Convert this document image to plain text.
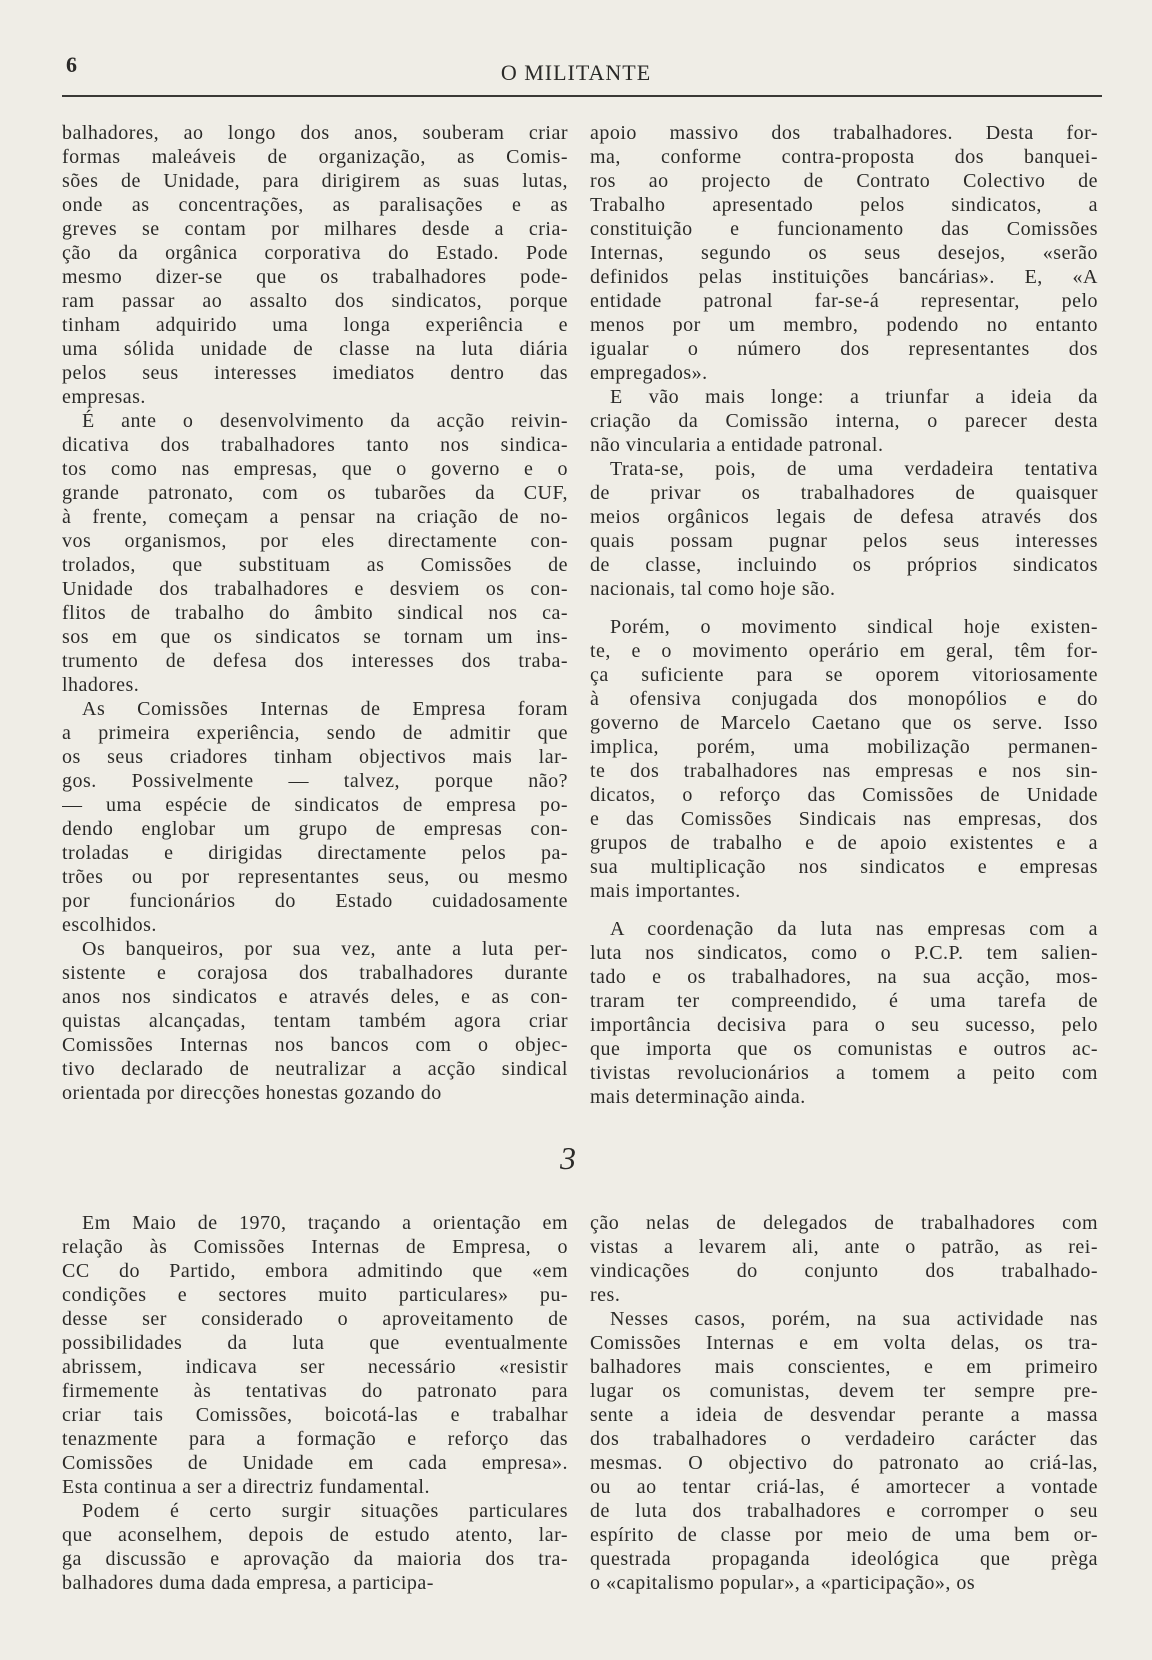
6	O MILITANTE
balhadores, ao longo dos anos, souberam criar
formas maleáveis de organização, as Comis-
sões de Unidade, para dirigirem as suas lutas,
onde as concentrações, as paralisações e as
greves se contam por milhares desde a cria-
ção da orgânica corporativa do Estado. Pode
mesmo dizer-se que os trabalhadores pode-
ram passar ao assalto dos sindicatos, porque
tinham adquirido uma longa experiência e
uma sólida unidade de classe na luta diária
pelos seus interesses imediatos dentro das
empresas.
É ante o desenvolvimento da acção reivin-
dicativa dos trabalhadores tanto nos sindica-
tos como nas empresas, que o governo e o
grande patronato, com os tubarões da CUF,
à frente, começam a pensar na criação de no-
vos organismos, por eles directamente con-
trolados, que substituam as Comissões de
Unidade dos trabalhadores e desviem os con-
flitos de trabalho do âmbito sindical nos ca-
sos em que os sindicatos se tornam um ins-
trumento de defesa dos interesses dos traba-
lhadores.
As Comissões Internas de Empresa foram
a primeira experiência, sendo de admitir que
os seus criadores tinham objectivos mais lar-
gos. Possivelmente — talvez, porque não?
— uma espécie de sindicatos de empresa po-
dendo englobar um grupo de empresas con-
troladas e dirigidas directamente pelos pa-
trões ou por representantes seus, ou mesmo
por funcionários do Estado cuidadosamente
escolhidos.
Os banqueiros, por sua vez, ante a luta per-
sistente e corajosa dos trabalhadores durante
anos nos sindicatos e através deles, e as con-
quistas alcançadas, tentam também agora criar
Comissões Internas nos bancos com o objec-
tivo declarado de neutralizar a acção sindical
orientada por direcções honestas gozando do
apoio massivo dos trabalhadores. Desta for-
ma, conforme contra-proposta dos banquei-
ros ao projecto de Contrato Colectivo de
Trabalho apresentado pelos sindicatos, a
constituição e funcionamento das Comissões
Internas, segundo os seus desejos, «serão
definidos pelas instituições bancárias». E, «A
entidade patronal far-se-á representar, pelo
menos por um membro, podendo no entanto
igualar o número dos representantes dos
empregados».
E vão mais longe: a triunfar a ideia da
criação da Comissão interna, o parecer desta
não vincularia a entidade patronal.
Trata-se, pois, de uma verdadeira tentativa
de privar os trabalhadores de quaisquer
meios orgânicos legais de defesa através dos
quais possam pugnar pelos seus interesses
de classe, incluindo os próprios sindicatos
nacionais, tal como hoje são.
Porém, o movimento sindical hoje existen-
te, e o movimento operário em geral, têm for-
ça suficiente para se oporem vitoriosamente
à ofensiva conjugada dos monopólios e do
governo de Marcelo Caetano que os serve. Isso
implica, porém, uma mobilização permanen-
te dos trabalhadores nas empresas e nos sin-
dicatos, o reforço das Comissões de Unidade
e das Comissões Sindicais nas empresas, dos
grupos de trabalho e de apoio existentes e a
sua multiplicação nos sindicatos e empresas
mais importantes.
A coordenação da luta nas empresas com a
luta nos sindicatos, como o P.C.P. tem salien-
tado e os trabalhadores, na sua acção, mos-
traram ter compreendido, é uma tarefa de
importância decisiva para o seu sucesso, pelo
que importa que os comunistas e outros ac-
tivistas revolucionários a tomem a peito com
mais determinação ainda.
3
Em Maio de 1970, traçando a orientação em
relação às Comissões Internas de Empresa, o
CC do Partido, embora admitindo que «em
condições e sectores muito particulares» pu-
desse ser considerado o aproveitamento de
possibilidades da luta que eventualmente
abrissem, indicava ser necessário «resistir
firmemente às tentativas do patronato para
criar tais Comissões, boicotá-las e trabalhar
tenazmente para a formação e reforço das
Comissões de Unidade em cada empresa».
Esta continua a ser a directriz fundamental.
Podem é certo surgir situações particulares
que aconselhem, depois de estudo atento, lar-
ga discussão e aprovação da maioria dos tra-
balhadores duma dada empresa, a participa-
ção nelas de delegados de trabalhadores com
vistas a levarem ali, ante o patrão, as rei-
vindicações do conjunto dos trabalhado-
res.
Nesses casos, porém, na sua actividade nas
Comissões Internas e em volta delas, os tra-
balhadores mais conscientes, e em primeiro
lugar os comunistas, devem ter sempre pre-
sente a ideia de desvendar perante a massa
dos trabalhadores o verdadeiro carácter das
mesmas. O objectivo do patronato ao criá-las,
ou ao tentar criá-las, é amortecer a vontade
de luta dos trabalhadores e corromper o seu
espírito de classe por meio de uma bem or-
questrada propaganda ideológica que prèga
o «capitalismo popular», a «participação», os
